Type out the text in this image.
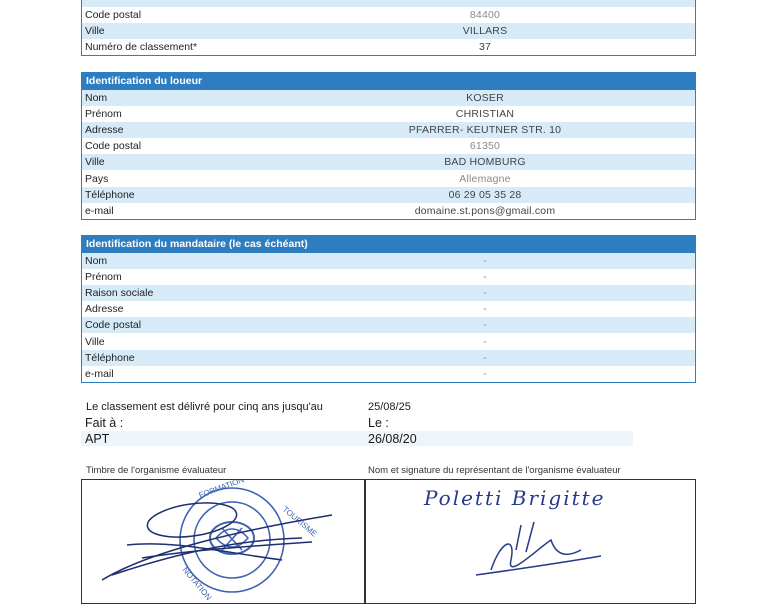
Code postal	84400
Ville	VILLARS
Numéro de classement*	37
Identification du loueur
Nom	KOSER
Prénom	CHRISTIAN
Adresse	PFARRER- KEUTNER STR. 10
Code postal	61350
Ville	BAD HOMBURG
Pays	Allemagne
Téléphone	06 29 05 35 28
e-mail	domaine.st.pons@gmail.com
Identification du mandataire (le cas échéant)
Nom	-
Prénom	-
Raison sociale	-
Adresse	-
Code postal	-
Ville	-
Téléphone	-
e-mail	-
Le classement est délivré pour cinq ans jusqu'au	25/08/25
Fait à :	Le :
APT	26/08/20
Timbre de l'organisme évaluateur	Nom et signature du représentant de l'organisme évaluateur
FORMATION
TOURISME
NOTATION
Poletti Brigitte
